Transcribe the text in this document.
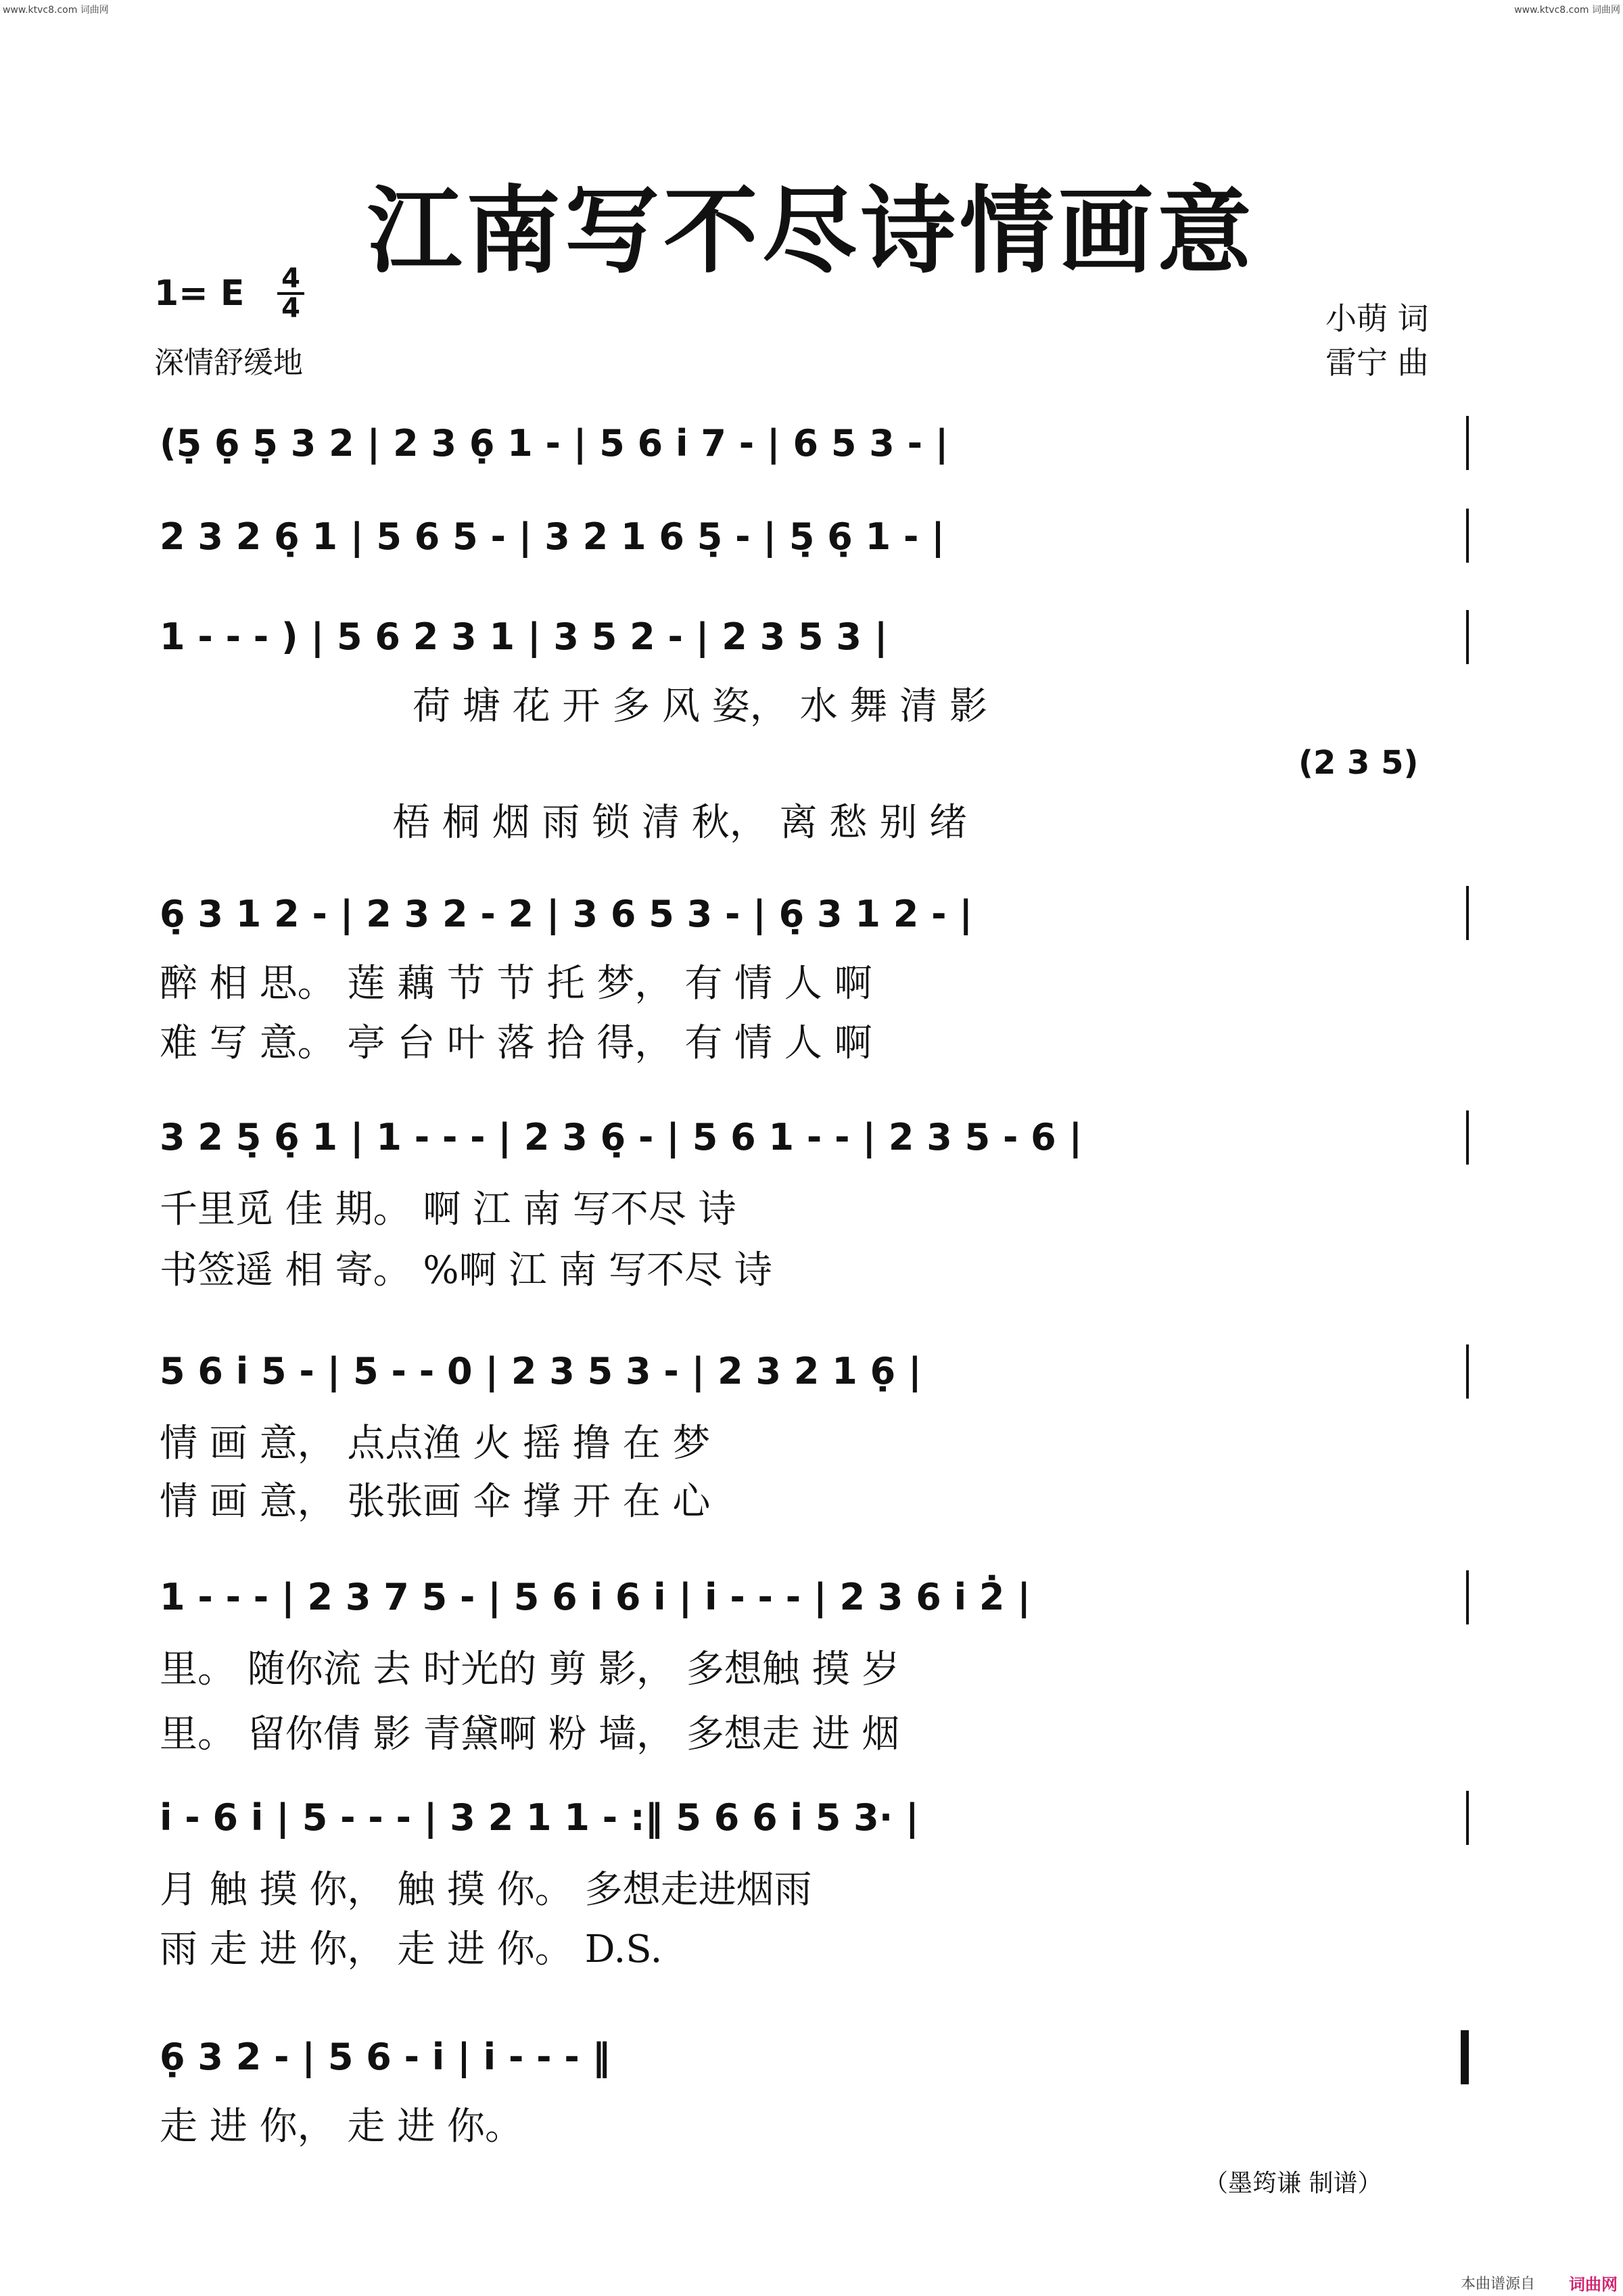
www.ktvc8.com 词曲网	www.ktvc8.com 词曲网
江南写不尽诗情画意
1= E 4
4
深情舒缓地
小萌 词
雷宁 曲
(5̣ 6̣ 5̣ 3 2 | 2 3 6̣ 1 - | 5 6 i 7 - | 6 5 3 - |
2 3 2 6̣ 1 | 5 6 5 - | 3 2 1 6 5̣ - | 5̣ 6̣ 1 - |
1 - - - ) | 5 6 2 3 1 | 3 5 2 - | 2 3 5 3 |
荷 塘 花 开 多 风 姿， 水 舞 清 影
(2 3 5)
梧 桐 烟 雨 锁 清 秋， 离 愁 别 绪
6̣ 3 1 2 - | 2 3 2 - 2 | 3 6 5 3 - | 6̣ 3 1 2 - |
醉 相 思。 莲 藕 节 节 托 梦， 有 情 人 啊
难 写 意。 亭 台 叶 落 拾 得， 有 情 人 啊
3 2 5̣ 6̣ 1 | 1 - - - | 2 3 6̣ - | 5 6 1 - - | 2 3 5 - 6 |
千里觅 佳 期。 啊 江 南 写不尽 诗
书签遥 相 寄。 %啊 江 南 写不尽 诗
5 6 i 5 - | 5 - - 0 | 2 3 5 3 - | 2 3 2 1 6̣ |
情 画 意， 点点渔 火 摇 撸 在 梦
情 画 意， 张张画 伞 撑 开 在 心
1 - - - | 2 3 7 5 - | 5 6 i 6 i | i - - - | 2 3 6 i 2̇ |
里。 随你流 去 时光的 剪 影， 多想触 摸 岁
里。 留你倩 影 青黛啊 粉 墙， 多想走 进 烟
i - 6 i | 5 - - - | 3 2 1 1 - :‖ 5 6 6 i 5 3· |
月 触 摸 你， 触 摸 你。 多想走进烟雨
雨 走 进 你， 走 进 你。 D.S.
6̣ 3 2 - | 5 6 - i | i - - - ‖
走 进 你， 走 进 你。
（墨筠谦 制谱）
本曲谱源自 词曲网
